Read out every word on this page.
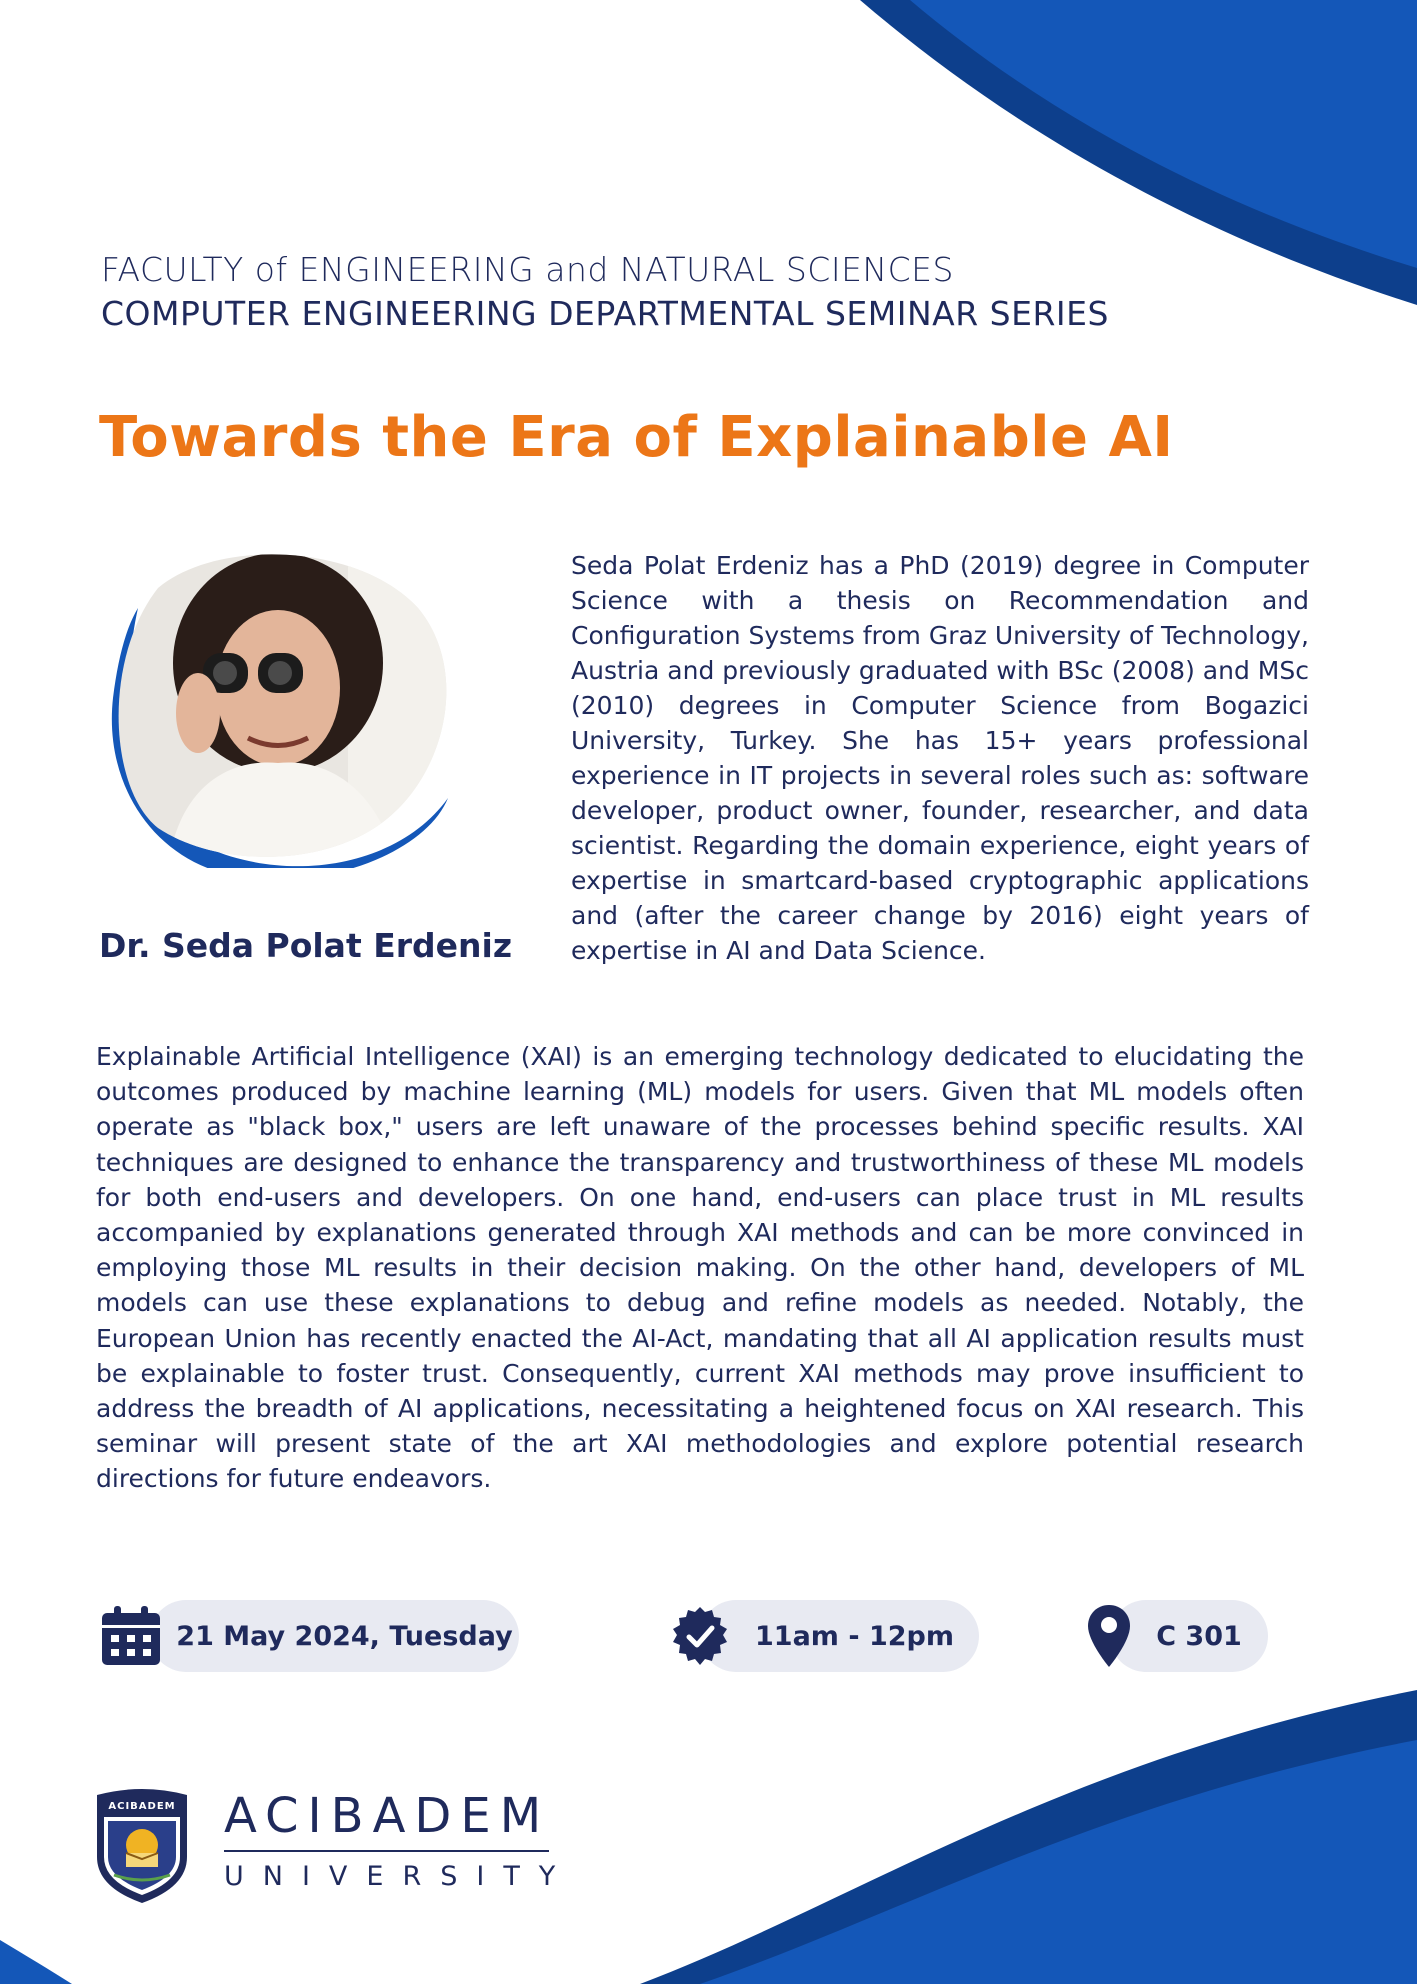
FACULTY of ENGINEERING and NATURAL SCIENCES
COMPUTER ENGINEERING DEPARTMENTAL SEMINAR SERIES
Towards the Era of Explainable AI
Dr. Seda Polat Erdeniz
Seda Polat Erdeniz has a PhD (2019) degree in Computer Science with a thesis on Recommendation and Configuration Systems from Graz University of Technology, Austria and previously graduated with BSc (2008) and MSc (2010) degrees in Computer Science from Bogazici University, Turkey. She has 15+ years professional experience in IT projects in several roles such as: software developer, product owner, founder, researcher, and data scientist. Regarding the domain experience, eight years of expertise in smartcard-based cryptographic applications and (after the career change by 2016) eight years of expertise in AI and Data Science.
Explainable Artificial Intelligence (XAI) is an emerging technology dedicated to elucidating the outcomes produced by machine learning (ML) models for users. Given that ML models often operate as "black box," users are left unaware of the processes behind specific results. XAI techniques are designed to enhance the transparency and trustworthiness of these ML models for both end-users and developers. On one hand, end-users can place trust in ML results accompanied by explanations generated through XAI methods and can be more convinced in employing those ML results in their decision making. On the other hand, developers of ML models can use these explanations to debug and refine models as needed. Notably, the European Union has recently enacted the AI-Act, mandating that all AI application results must be explainable to foster trust. Consequently, current XAI methods may prove insufficient to address the breadth of AI applications, necessitating a heightened focus on XAI research. This seminar will present state of the art XAI methodologies and explore potential research directions for future endeavors.
21 May 2024, Tuesday	11am - 12pm	C 301
ACIBADEM ACIBADEM
UNIVERSITY
